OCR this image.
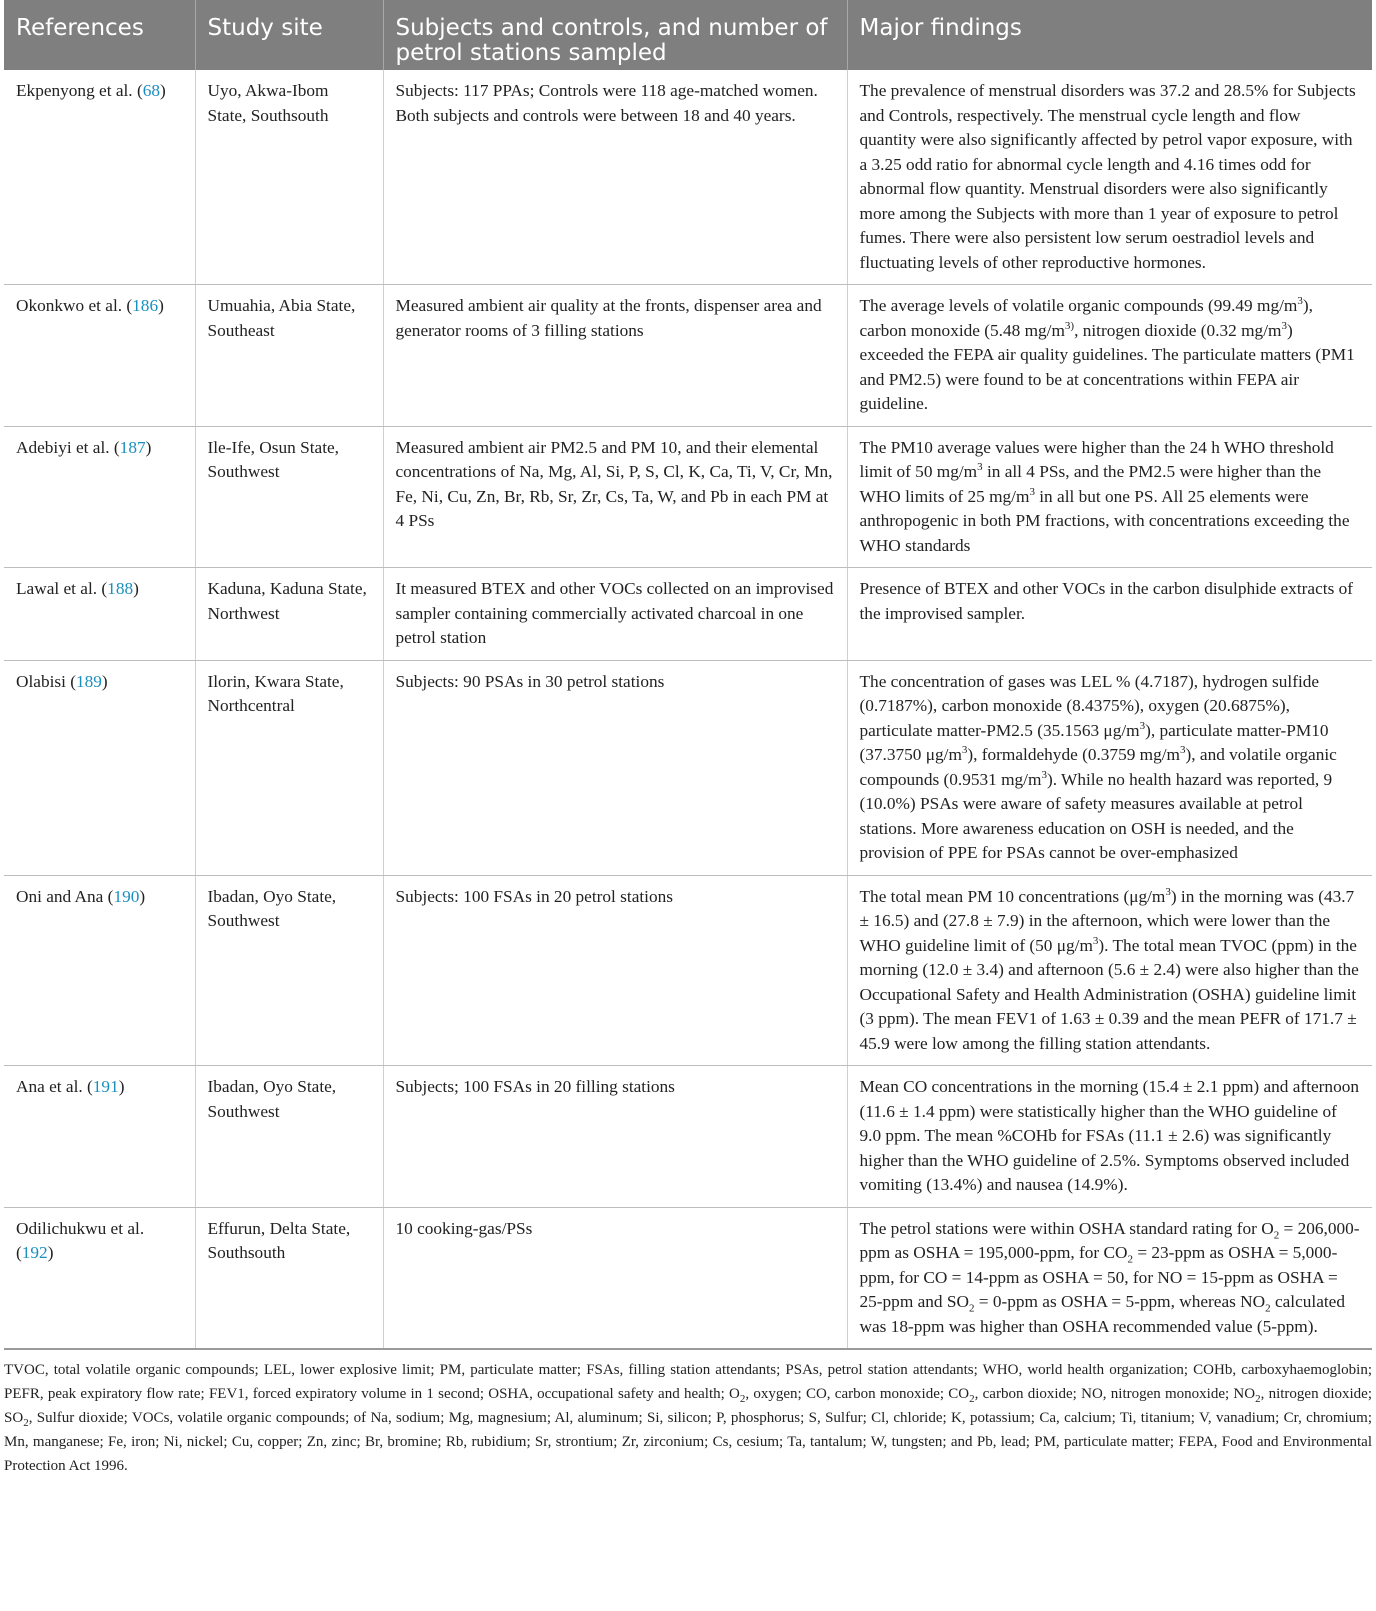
References	Study site	Subjects and controls, and number of petrol stations sampled	Major findings
Ekpenyong et al. (68)	Uyo, Akwa-Ibom State, Southsouth	Subjects: 117 PPAs; Controls were 118 age-matched women. Both subjects and controls were between 18 and 40 years.	The prevalence of menstrual disorders was 37.2 and 28.5% for Subjects and Controls, respectively. The menstrual cycle length and flow quantity were also significantly affected by petrol vapor exposure, with a 3.25 odd ratio for abnormal cycle length and 4.16 times odd for abnormal flow quantity. Menstrual disorders were also significantly more among the Subjects with more than 1 year of exposure to petrol fumes. There were also persistent low serum oestradiol levels and fluctuating levels of other reproductive hormones.
Okonkwo et al. (186)	Umuahia, Abia State, Southeast	Measured ambient air quality at the fronts, dispenser area and generator rooms of 3 filling stations	The average levels of volatile organic compounds (99.49 $mg/m^3$), carbon monoxide (5.48 $mg/m^{3)}$, nitrogen dioxide (0.32 $mg/m^3$) exceeded the FEPA air quality guidelines. The particulate matters (PM1 and PM2.5) were found to be at concentrations within FEPA air guideline.
Adebiyi et al. (187)	Ile-Ife, Osun State, Southwest	Measured ambient air PM2.5 and PM 10, and their elemental concentrations of Na, Mg, Al, Si, P, S, Cl, K, Ca, Ti, V, Cr, Mn, Fe, Ni, Cu, Zn, Br, Rb, Sr, Zr, Cs, Ta, W, and Pb in each PM at 4 PSs	The PM10 average values were higher than the 24 h WHO threshold limit of 50 $mg/m^3$ in all 4 PSs, and the PM2.5 were higher than the WHO limits of 25 $mg/m^3$ in all but one PS. All 25 elements were anthropogenic in both PM fractions, with concentrations exceeding the WHO standards
Lawal et al. (188)	Kaduna, Kaduna State, Northwest	It measured BTEX and other VOCs collected on an improvised sampler containing commercially activated charcoal in one petrol station	Presence of BTEX and other VOCs in the carbon disulphide extracts of the improvised sampler.
Olabisi (189)	Ilorin, Kwara State, Northcentral	Subjects: 90 PSAs in 30 petrol stations	The concentration of gases was LEL % (4.7187), hydrogen sulfide (0.7187%), carbon monoxide (8.4375%), oxygen (20.6875%), particulate matter-PM2.5 (35.1563 $\mu g/m^3$), particulate matter-PM10 (37.3750 $\mu g/m^3$), formaldehyde (0.3759 $mg/m^3$), and volatile organic compounds (0.9531 $mg/m^3$). While no health hazard was reported, 9 (10.0%) PSAs were aware of safety measures available at petrol stations. More awareness education on OSH is needed, and the provision of PPE for PSAs cannot be over-emphasized
Oni and Ana (190)	Ibadan, Oyo State, Southwest	Subjects: 100 FSAs in 20 petrol stations	The total mean PM 10 concentrations $(\mu g/m^3)$ in the morning was (43.7 ± 16.5) and (27.8 ± 7.9) in the afternoon, which were lower than the WHO guideline limit of (50 $\mu g/m^3$). The total mean TVOC (ppm) in the morning (12.0 ± 3.4) and afternoon (5.6 ± 2.4) were also higher than the Occupational Safety and Health Administration (OSHA) guideline limit (3 ppm). The mean FEV1 of 1.63 ± 0.39 and the mean PEFR of 171.7 ± 45.9 were low among the filling station attendants.
Ana et al. (191)	Ibadan, Oyo State, Southwest	Subjects; 100 FSAs in 20 filling stations	Mean CO concentrations in the morning (15.4 ± 2.1 ppm) and afternoon (11.6 ± 1.4 ppm) were statistically higher than the WHO guideline of 9.0 ppm. The mean %COHb for FSAs (11.1 ± 2.6) was significantly higher than the WHO guideline of 2.5%. Symptoms observed included vomiting (13.4%) and nausea (14.9%).
Odilichukwu et al. (192)	Effurun, Delta State, Southsouth	10 cooking-gas/PSs	The petrol stations were within OSHA standard rating for $O_2 = 206,000-ppm$ as OSHA = 195,000-ppm, for $CO_2 = 23-ppm$ as OSHA = 5,000-ppm, for CO = 14-ppm as OSHA = 50, for NO = 15-ppm as OSHA = 25-ppm and $SO_2 = 0-ppm$ as OSHA = 5-ppm, whereas $NO_2$ calculated was 18-ppm was higher than OSHA recommended value (5-ppm).
TVOC, total volatile organic compounds; LEL, lower explosive limit; PM, particulate matter; FSAs, filling station attendants; PSAs, petrol station attendants; WHO, world health organization; COHb, carboxyhaemoglobin; PEFR, peak expiratory flow rate; FEV1, forced expiratory volume in 1 second; OSHA, occupational safety and health; $O_2$, oxygen; CO, carbon monoxide; $CO_2$, carbon dioxide; NO, nitrogen monoxide; $NO_2$, nitrogen dioxide; $SO_2$, Sulfur dioxide; VOCs, volatile organic compounds; of Na, sodium; Mg, magnesium; Al, aluminum; Si, silicon; P, phosphorus; S, Sulfur; Cl, chloride; K, potassium; Ca, calcium; Ti, titanium; V, vanadium; Cr, chromium; Mn, manganese; Fe, iron; Ni, nickel; Cu, copper; Zn, zinc; Br, bromine; Rb, rubidium; Sr, strontium; Zr, zirconium; Cs, cesium; Ta, tantalum; W, tungsten; and Pb, lead; PM, particulate matter; FEPA, Food and Environmental Protection Act 1996.
